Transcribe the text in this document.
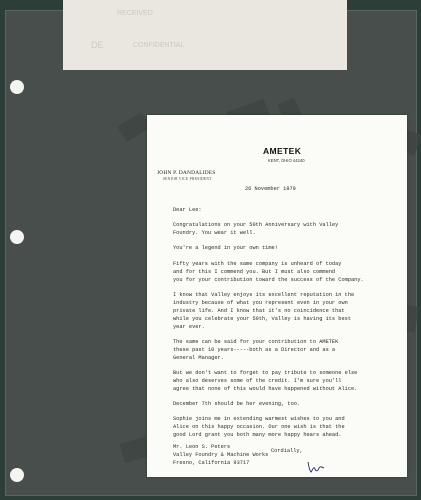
RECEIVED
DE	CONFIDENTIAL
AMETEK
KENT, OHIO 44240
JOHN P. DANDALIDES
SENIOR VICE PRESIDENT
26 November 1979
Dear Lee:
Congratulations on your 50th Anniversary with Valley
Foundry. You wear it well.
You're a legend in your own time!
Fifty years with the same company is unheard of today
and for this I commend you. But I must also commend
you for your contribution toward the success of the Company.
I know that Valley enjoys its excellent reputation in the
industry because of what you represent even in your own
private life. And I know that it's no coincidence that
while you celebrate your 50th, Valley is having its best
year ever.
The same can be said for your contribution to AMETEK
these past 10 years-----both as a Director and as a
General Manager.
But we don't want to forget to pay tribute to someone else
who also deserves some of the credit. I'm sure you'll
agree that none of this would have happened without Alice.
December 7th should be her evening, too.
Sophie joins me in extending warmest wishes to you and
Alice on this happy occasion. Our one wish is that the
good Lord grant you both many more happy hears ahead.
Cordially,
Mr. Leon S. Peters
Valley Foundry & Machine Works
Fresno, California 93717
